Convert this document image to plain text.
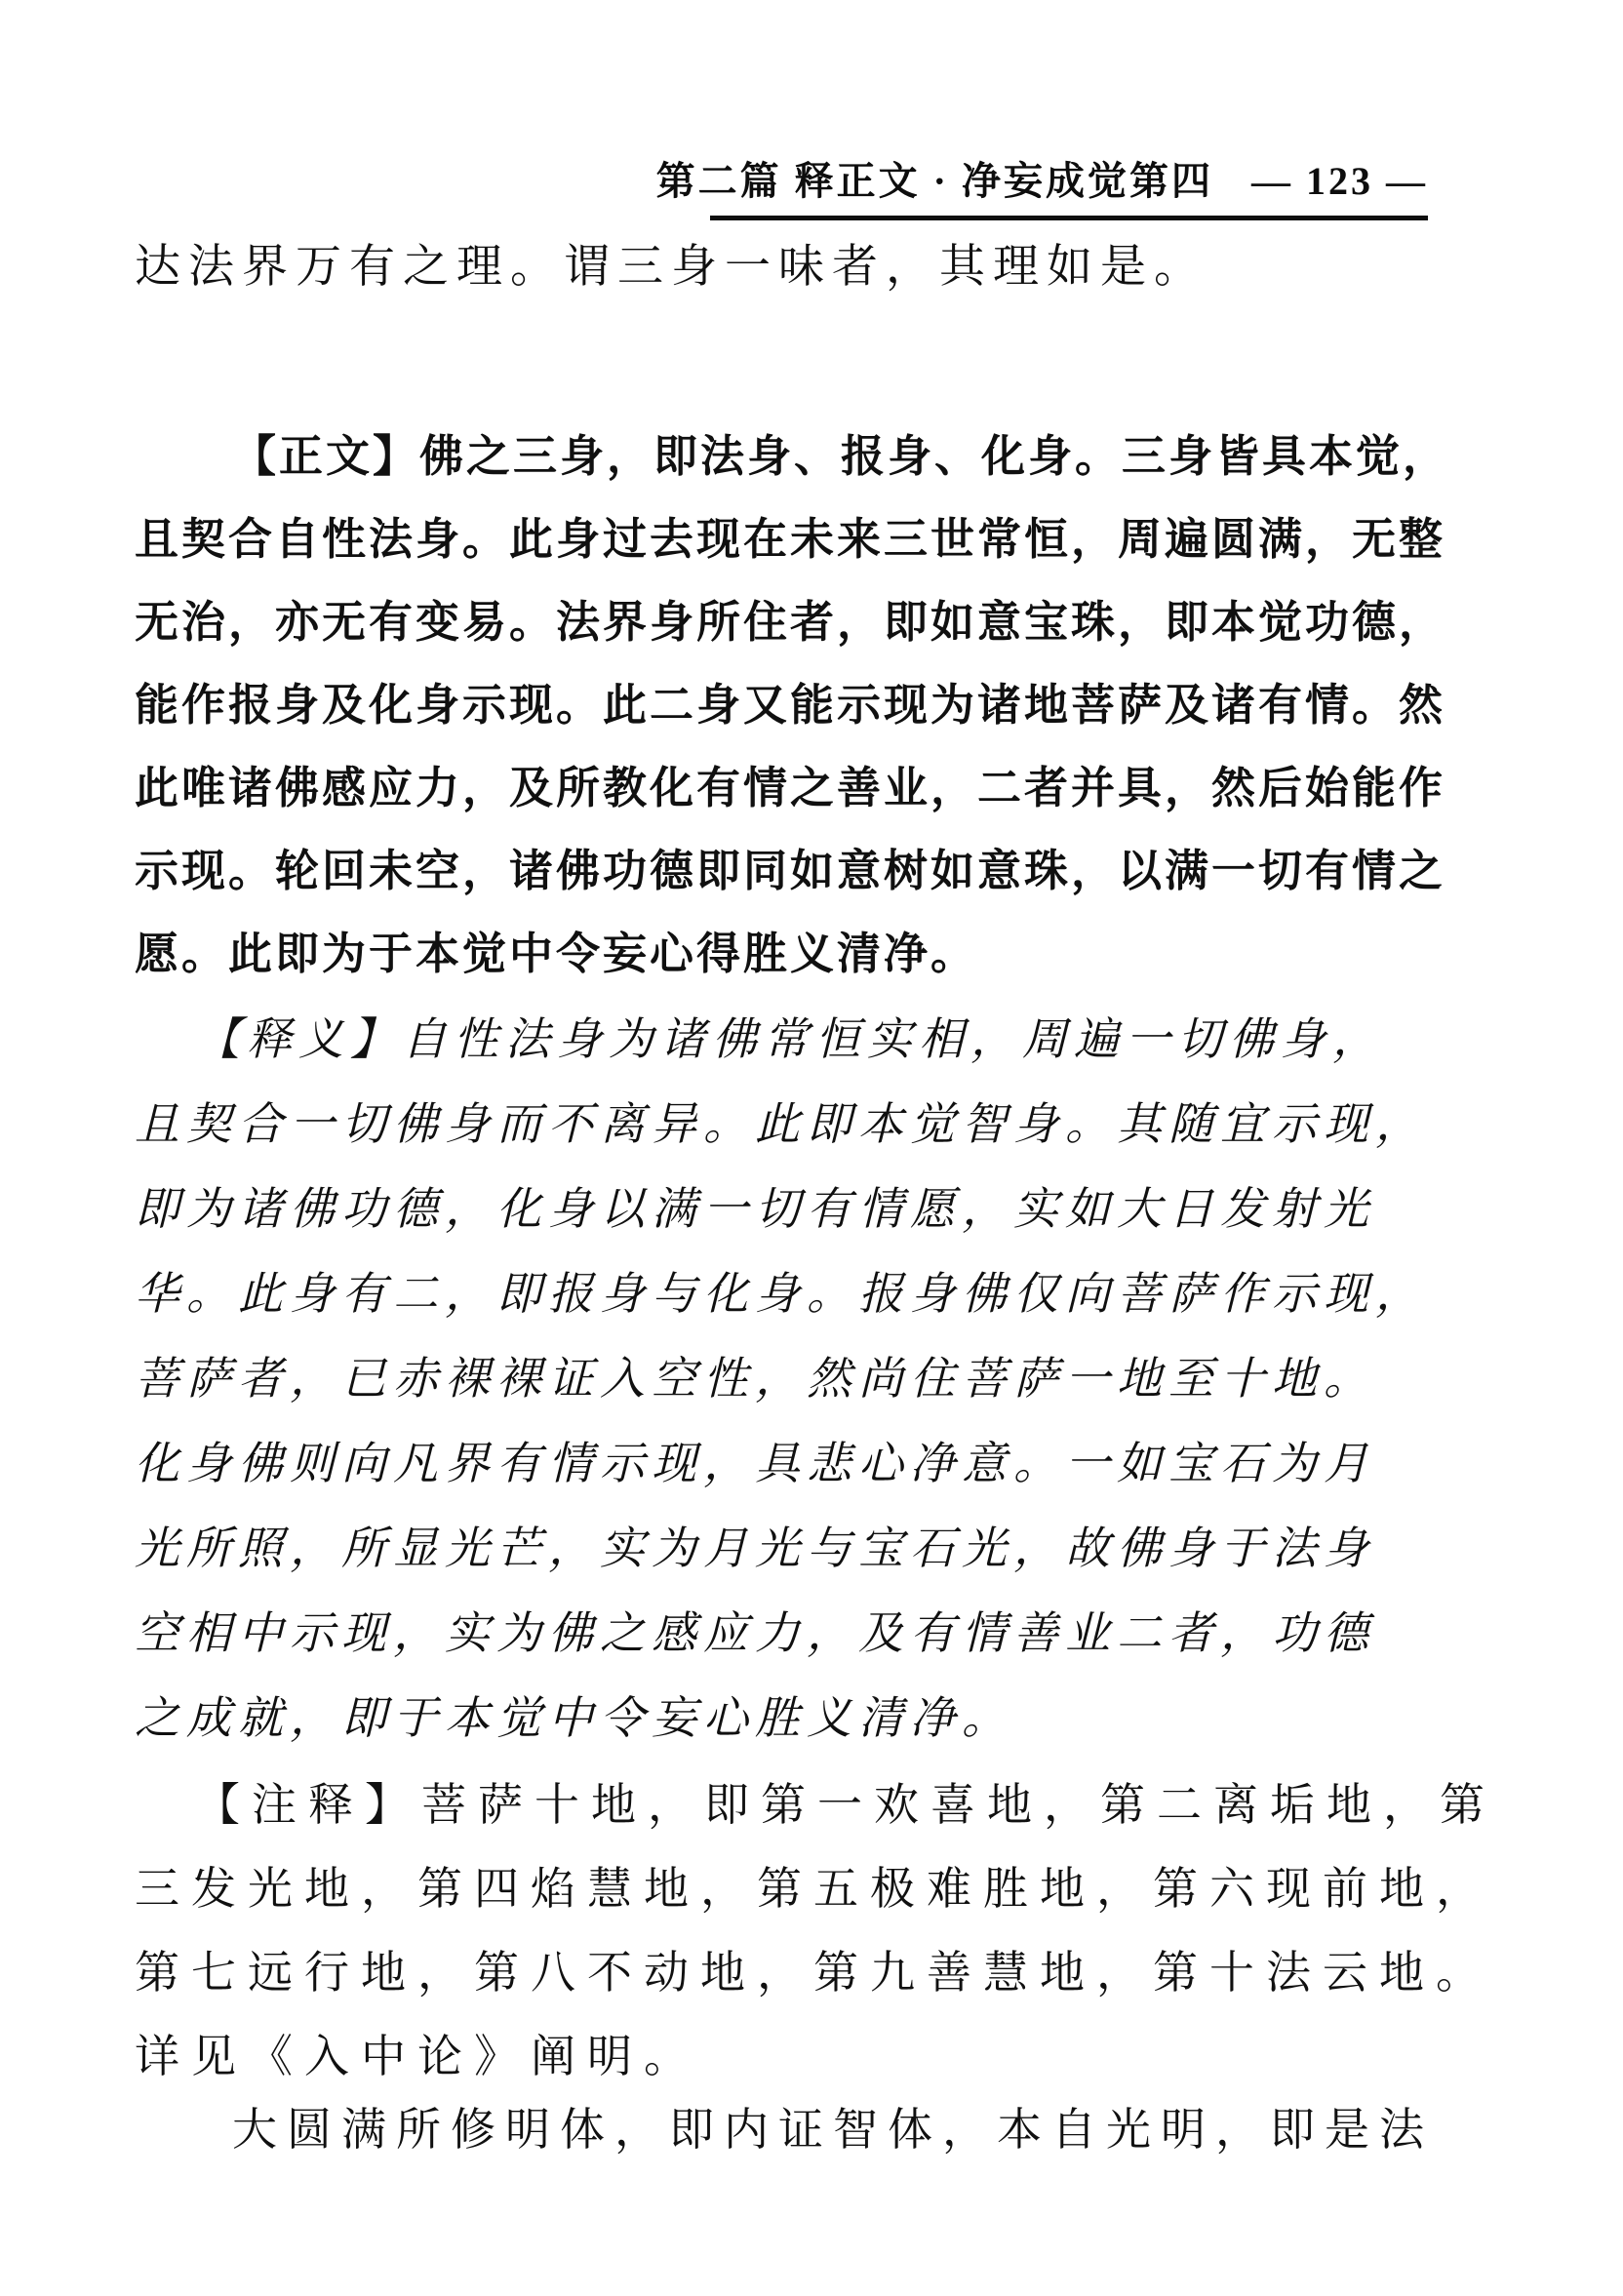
第二篇 释正文 · 净妄成觉第四 — 123 —
达法界万有之理。谓三身一味者，其理如是。
【正文】佛之三身，即法身、报身、化身。三身皆具本觉，
且契合自性法身。此身过去现在未来三世常恒，周遍圆满，无整
无治，亦无有变易。法界身所住者，即如意宝珠，即本觉功德，
能作报身及化身示现。此二身又能示现为诸地菩萨及诸有情。然
此唯诸佛感应力，及所教化有情之善业，二者并具，然后始能作
示现。轮回未空，诸佛功德即同如意树如意珠，以满一切有情之
愿。此即为于本觉中令妄心得胜义清净。
【释义】自性法身为诸佛常恒实相，周遍一切佛身，
且契合一切佛身而不离异。此即本觉智身。其随宜示现，
即为诸佛功德，化身以满一切有情愿，实如大日发射光
华。此身有二，即报身与化身。报身佛仅向菩萨作示现，
菩萨者，已赤裸裸证入空性，然尚住菩萨一地至十地。
化身佛则向凡界有情示现，具悲心净意。一如宝石为月
光所照，所显光芒，实为月光与宝石光，故佛身于法身
空相中示现，实为佛之感应力，及有情善业二者，功德
之成就，即于本觉中令妄心胜义清净。
【注释】菩萨十地，即第一欢喜地，第二离垢地，第
三发光地，第四焰慧地，第五极难胜地，第六现前地，
第七远行地，第八不动地，第九善慧地，第十法云地。
详见《入中论》阐明。
大圆满所修明体，即内证智体，本自光明，即是法
